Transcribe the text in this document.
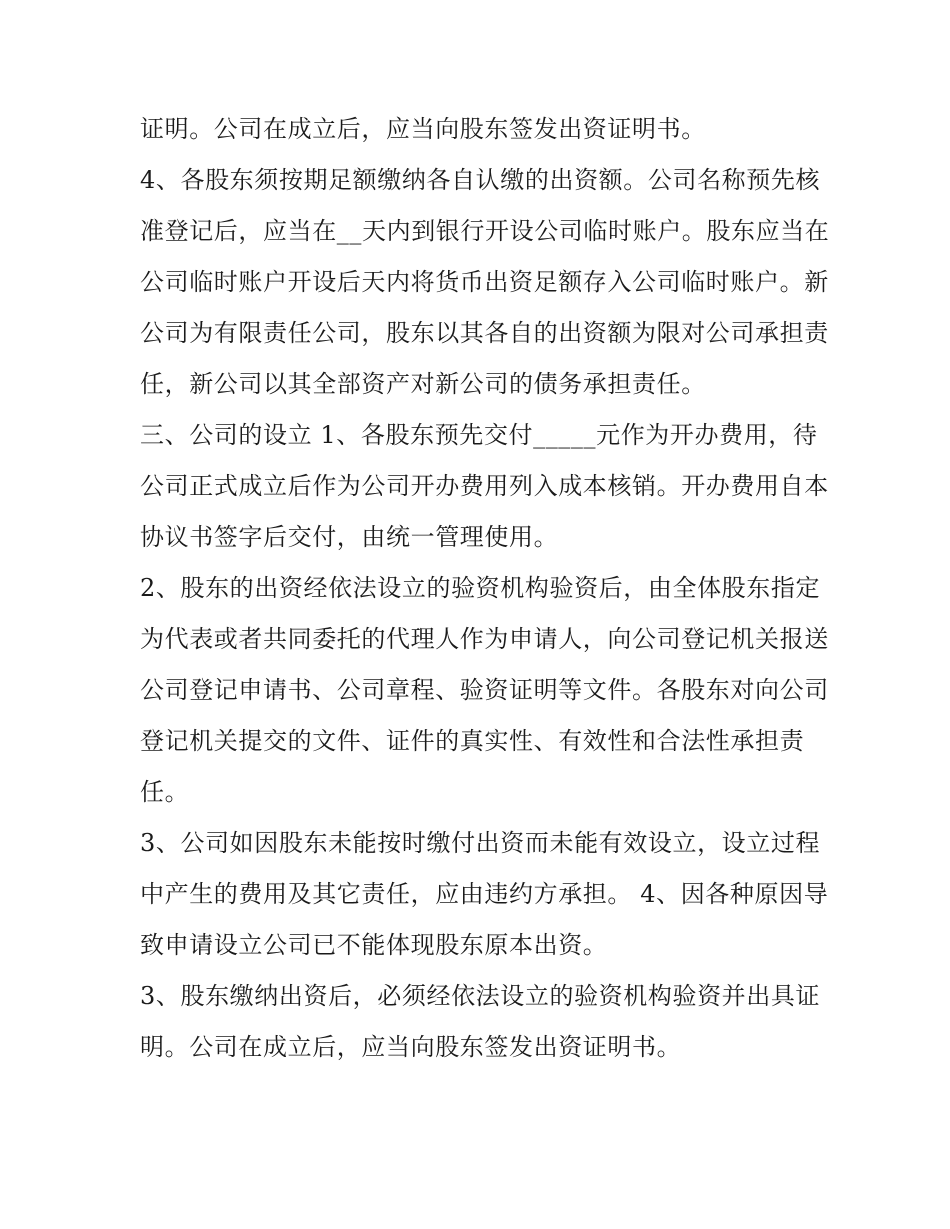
证明。公司在成立后，应当向股东签发出资证明书。

4、各股东须按期足额缴纳各自认缴的出资额。公司名称预先核准登记后，应当在__天内到银行开设公司临时账户。股东应当在公司临时账户开设后天内将货币出资足额存入公司临时账户。新公司为有限责任公司，股东以其各自的出资额为限对公司承担责任，新公司以其全部资产对新公司的债务承担责任。

三、公司的设立 1、各股东预先交付_____元作为开办费用，待公司正式成立后作为公司开办费用列入成本核销。开办费用自本协议书签字后交付，由统一管理使用。

2、股东的出资经依法设立的验资机构验资后，由全体股东指定为代表或者共同委托的代理人作为申请人，向公司登记机关报送公司登记申请书、公司章程、验资证明等文件。各股东对向公司登记机关提交的文件、证件的真实性、有效性和合法性承担责任。

3、公司如因股东未能按时缴付出资而未能有效设立，设立过程中产生的费用及其它责任，应由违约方承担。 4、因各种原因导致申请设立公司已不能体现股东原本出资。

3、股东缴纳出资后，必须经依法设立的验资机构验资并出具证明。公司在成立后，应当向股东签发出资证明书。
